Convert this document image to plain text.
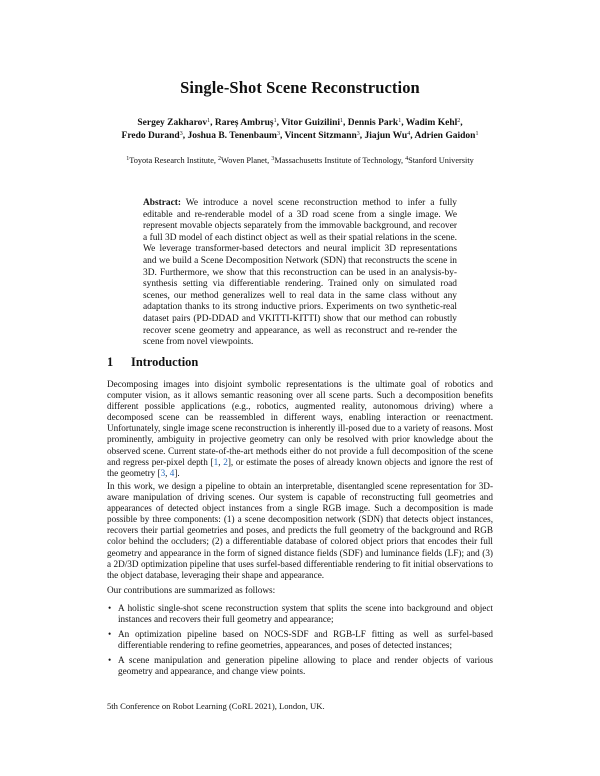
Single-Shot Scene Reconstruction
Sergey Zakharov$^1$, Rareș Ambruș$^1$, Vitor Guizilini$^1$, Dennis Park$^1$, Wadim Kehl$^2$,
Fredo Durand$^3$, Joshua B. Tenenbaum$^3$, Vincent Sitzmann$^3$, Jiajun Wu$^4$, Adrien Gaidon$^1$
$^1$Toyota Research Institute, $^2$Woven Planet, $^3$Massachusetts Institute of Technology, $^4$Stanford University
Abstract: We introduce a novel scene reconstruction method to infer a fully editable and re-renderable model of a 3D road scene from a single image. We represent movable objects separately from the immovable background, and recover a full 3D model of each distinct object as well as their spatial relations in the scene. We leverage transformer-based detectors and neural implicit 3D representations and we build a Scene Decomposition Network (SDN) that reconstructs the scene in 3D. Furthermore, we show that this reconstruction can be used in an analysis-by-synthesis setting via differentiable rendering. Trained only on simulated road scenes, our method generalizes well to real data in the same class without any adaptation thanks to its strong inductive priors. Experiments on two synthetic-real dataset pairs (PD-DDAD and VKITTI-KITTI) show that our method can robustly recover scene geometry and appearance, as well as reconstruct and re-render the scene from novel viewpoints.
1 Introduction
Decomposing images into disjoint symbolic representations is the ultimate goal of robotics and computer vision, as it allows semantic reasoning over all scene parts. Such a decomposition benefits different possible applications (e.g., robotics, augmented reality, autonomous driving) where a decomposed scene can be reassembled in different ways, enabling interaction or reenactment. Unfortunately, single image scene reconstruction is inherently ill-posed due to a variety of reasons. Most prominently, ambiguity in projective geometry can only be resolved with prior knowledge about the observed scene. Current state-of-the-art methods either do not provide a full decomposition of the scene and regress per-pixel depth [1, 2], or estimate the poses of already known objects and ignore the rest of the geometry [3, 4].
In this work, we design a pipeline to obtain an interpretable, disentangled scene representation for 3D-aware manipulation of driving scenes. Our system is capable of reconstructing full geometries and appearances of detected object instances from a single RGB image. Such a decomposition is made possible by three components: (1) a scene decomposition network (SDN) that detects object instances, recovers their partial geometries and poses, and predicts the full geometry of the background and RGB color behind the occluders; (2) a differentiable database of colored object priors that encodes their full geometry and appearance in the form of signed distance fields (SDF) and luminance fields (LF); and (3) a 2D/3D optimization pipeline that uses surfel-based differentiable rendering to fit initial observations to the object database, leveraging their shape and appearance.
Our contributions are summarized as follows:
• A holistic single-shot scene reconstruction system that splits the scene into background and object instances and recovers their full geometry and appearance;
• An optimization pipeline based on NOCS-SDF and RGB-LF fitting as well as surfel-based differentiable rendering to refine geometries, appearances, and poses of detected instances;
• A scene manipulation and generation pipeline allowing to place and render objects of various geometry and appearance, and change view points.
5th Conference on Robot Learning (CoRL 2021), London, UK.
